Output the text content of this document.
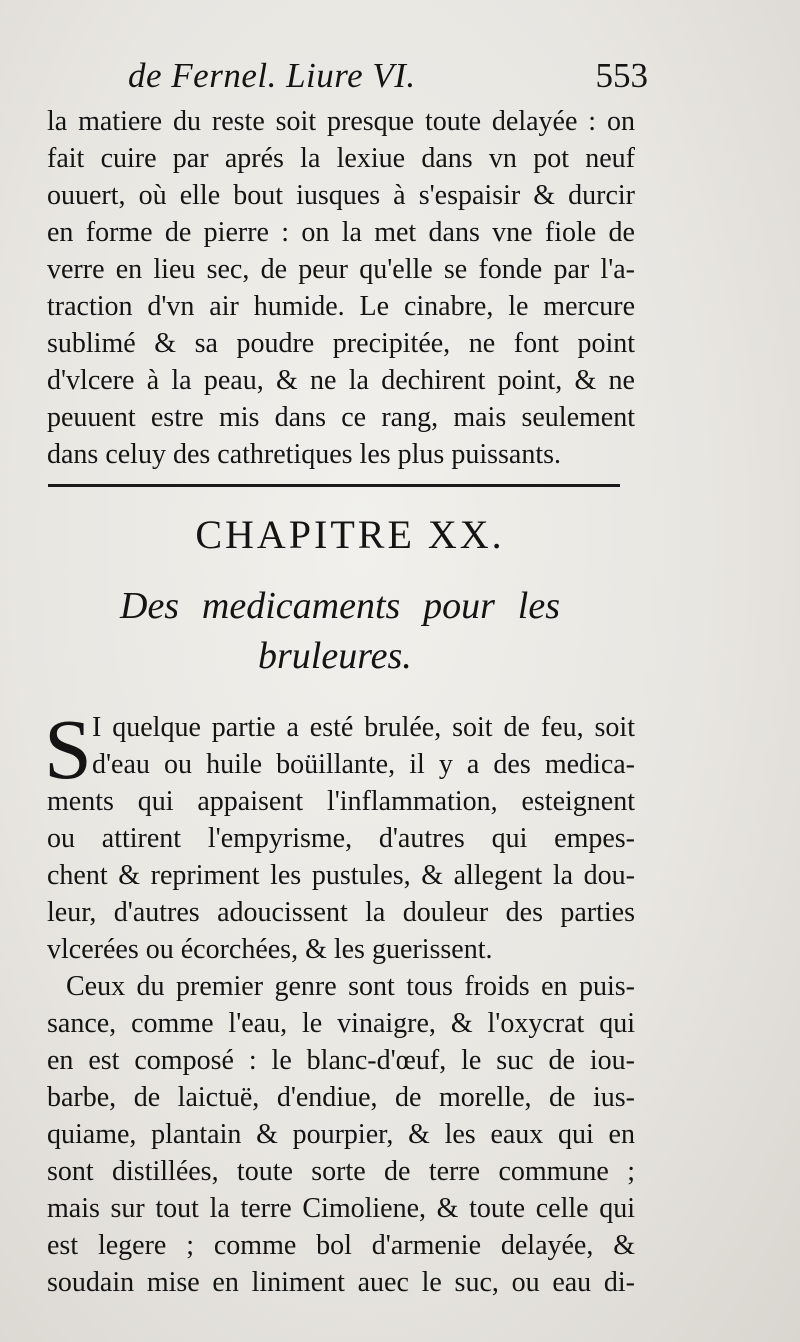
de Fernel. Liure VI.	553
la matiere du reste soit presque toute delayée : on
fait cuire par aprés la lexiue dans vn pot neuf
ouuert, où elle bout iusques à s'espaisir & durcir
en forme de pierre : on la met dans vne fiole de
verre en lieu sec, de peur qu'elle se fonde par l'a-
traction d'vn air humide. Le cinabre, le mercure
sublimé & sa poudre precipitée, ne font point
d'vlcere à la peau, & ne la dechirent point, & ne
peuuent estre mis dans ce rang, mais seulement
dans celuy des cathretiques les plus puissants.
CHAPITRE XX.
Des medicaments pour les
bruleures.
S I quelque partie a esté brulée, soit de feu, soit
d'eau ou huile boüillante, il y a des medica-
ments qui appaisent l'inflammation, esteignent
ou attirent l'empyrisme, d'autres qui empes-
chent & repriment les pustules, & allegent la dou-
leur, d'autres adoucissent la douleur des parties
vlcerées ou écorchées, & les guerissent.
Ceux du premier genre sont tous froids en puis-
sance, comme l'eau, le vinaigre, & l'oxycrat qui
en est composé : le blanc-d'œuf, le suc de iou-
barbe, de laictuë, d'endiue, de morelle, de ius-
quiame, plantain & pourpier, & les eaux qui en
sont distillées, toute sorte de terre commune ;
mais sur tout la terre Cimoliene, & toute celle qui
est legere ; comme bol d'armenie delayée, &
soudain mise en liniment auec le suc, ou eau di-
